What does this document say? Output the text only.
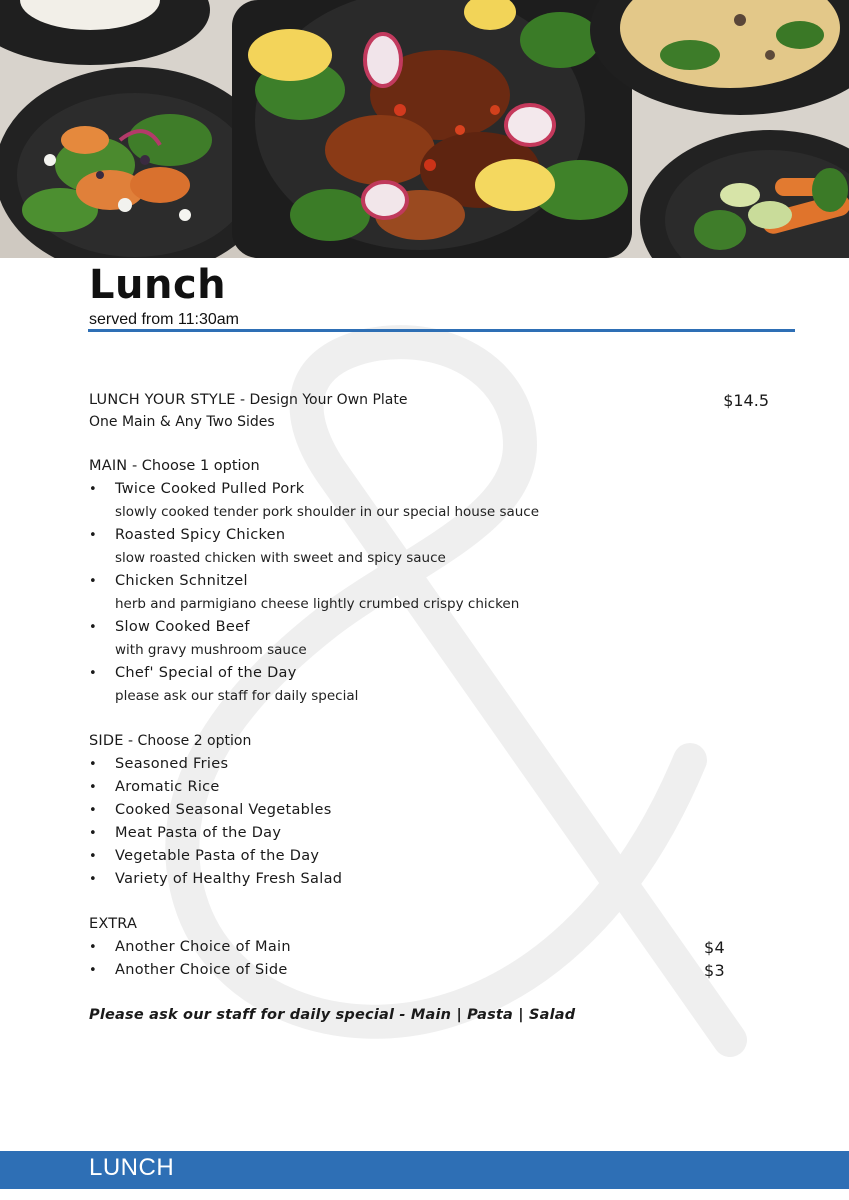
Lunch
served from 11:30am
LUNCH YOUR STYLE - Design Your Own Plate	$14.5
One Main & Any Two Sides
MAIN - Choose 1 option
• Twice Cooked Pulled Pork
slowly cooked tender pork shoulder in our special house sauce
• Roasted Spicy Chicken
slow roasted chicken with sweet and spicy sauce
• Chicken Schnitzel
herb and parmigiano cheese lightly crumbed crispy chicken
• Slow Cooked Beef
with gravy mushroom sauce
• Chef' Special of the Day
please ask our staff for daily special
SIDE - Choose 2 option
• Seasoned Fries
• Aromatic Rice
• Cooked Seasonal Vegetables
• Meat Pasta of the Day
• Vegetable Pasta of the Day
• Variety of Healthy Fresh Salad
EXTRA
• Another Choice of Main	$4
• Another Choice of Side	$3
Please ask our staff for daily special - Main | Pasta | Salad
LUNCH
